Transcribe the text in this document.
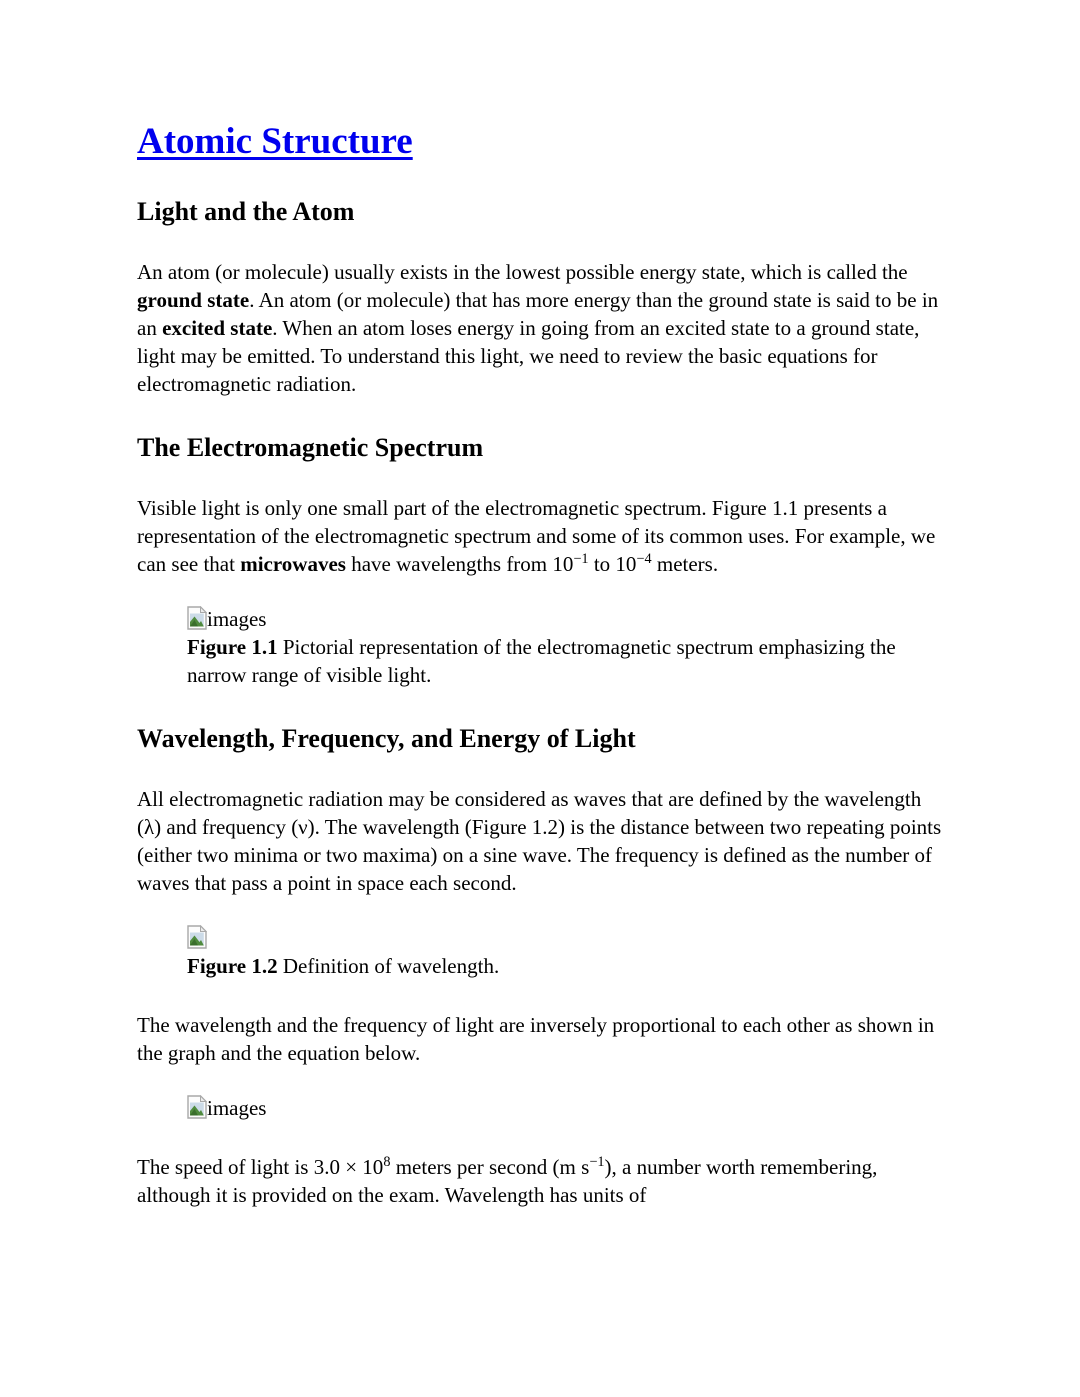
Atomic Structure
Light and the Atom

An atom (or molecule) usually exists in the lowest possible energy state, which is called the ground state. An atom (or molecule) that has more energy than the ground state is said to be in an excited state. When an atom loses energy in going from an excited state to a ground state, light may be emitted. To understand this light, we need to review the basic equations for electromagnetic radiation.

The Electromagnetic Spectrum

Visible light is only one small part of the electromagnetic spectrum. Figure 1.1 presents a representation of the electromagnetic spectrum and some of its common uses. For example, we can see that microwaves have wavelengths from $10^{-1}$ to $10^{-4}$ meters.

images

Figure 1.1 Pictorial representation of the electromagnetic spectrum emphasizing the narrow range of visible light.

Wavelength, Frequency, and Energy of Light

All electromagnetic radiation may be considered as waves that are defined by the wavelength (λ) and frequency (ν). The wavelength (Figure 1.2) is the distance between two repeating points (either two minima or two maxima) on a sine wave. The frequency is defined as the number of waves that pass a point in space each second.

Figure 1.2 Definition of wavelength.

The wavelength and the frequency of light are inversely proportional to each other as shown in the graph and the equation below.

images

The speed of light is $3.0 \times 10^8$ meters per second (m $s^{-1}$), a number worth remembering, although it is provided on the exam. Wavelength has units of
